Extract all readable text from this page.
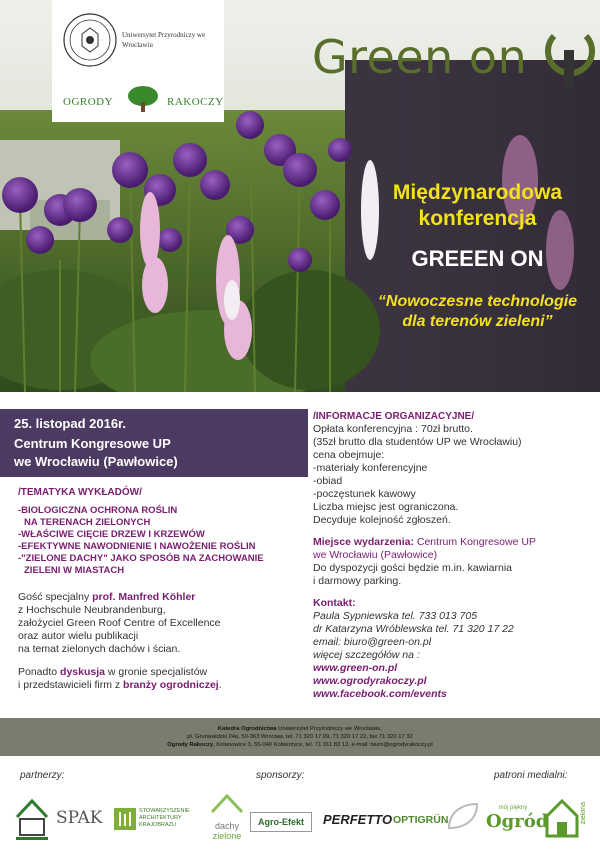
Uniwersytet Przyrodniczy we Wrocławiu
OGRODY	RAKOCZY
Green on
Międzynarodowa
konferencja
GREEEN ON
“Nowoczesne technologie
dla terenów zieleni”
25. listopad 2016r.
Centrum Kongresowe UP
we Wrocławiu (Pawłowice)
/TEMATYKA WYKŁADÓW/
-BIOLOGICZNA OCHRONA ROŚLIN
NA TERENACH ZIELONYCH
-WŁAŚCIWE CIĘCIE DRZEW I KRZEWÓW
-EFEKTYWNE NAWODNIENIE I NAWOŻENIE ROŚLIN
-"ZIELONE DACHY" JAKO SPOSÓB NA ZACHOWANIE
ZIELENI W MIASTACH
Gość specjalny prof. Manfred Köhler
z Hochschule Neubrandenburg,
założyciel Green Roof Centre of Excellence
oraz autor wielu publikacji
na temat zielonych dachów i ścian.
Ponadto dyskusja w gronie specjalistów
i przedstawicieli firm z branży ogrodniczej.
/INFORMACJE ORGANIZACYJNE/
Opłata konferencyjna : 70zł brutto.
(35zł brutto dla studentów UP we Wrocławiu)
cena obejmuje:
-materiały konferencyjne
-obiad
-poczęstunek kawowy
Liczba miejsc jest ograniczona.
Decyduje kolejność zgłoszeń.
Miejsce wydarzenia: Centrum Kongresowe UP
we Wrocławiu (Pawłowice)
Do dyspozycji gości będzie m.in. kawiarnia
i darmowy parking.
Kontakt:
Paula Sypniewska tel. 733 013 705
dr Katarzyna Wróblewska tel. 71 320 17 22
email: biuro@green-on.pl
więcej szczegółów na :
www.green-on.pl
www.ogrodyrakoczy.pl
www.facebook.com/events
Katedra Ogrodnictwa Uniwersytet Przyrodniczy we Wrocławiu,
pl. Grunwaldzki 24a, 50-363 Wrocław, tel. 71 320 17 09, 71 320 17 22, fax 71 320 17 32
Ogrody Rakoczy, Kolanowice 3, 55-040 Kobierzyce, tel. 71 311 83 13, e-mail: biuro@ogrodyrakoczy.pl
partnerzy:	sponsorzy:	patroni medialni:
SPAK	STOWARZYSZENIE
ARCHITEKTURY
KRAJOBRAZU	dachy
zielone
Agro-Efekt	PERFETTO OPTIGRÜN
mój piękny
Ogród	zielona
